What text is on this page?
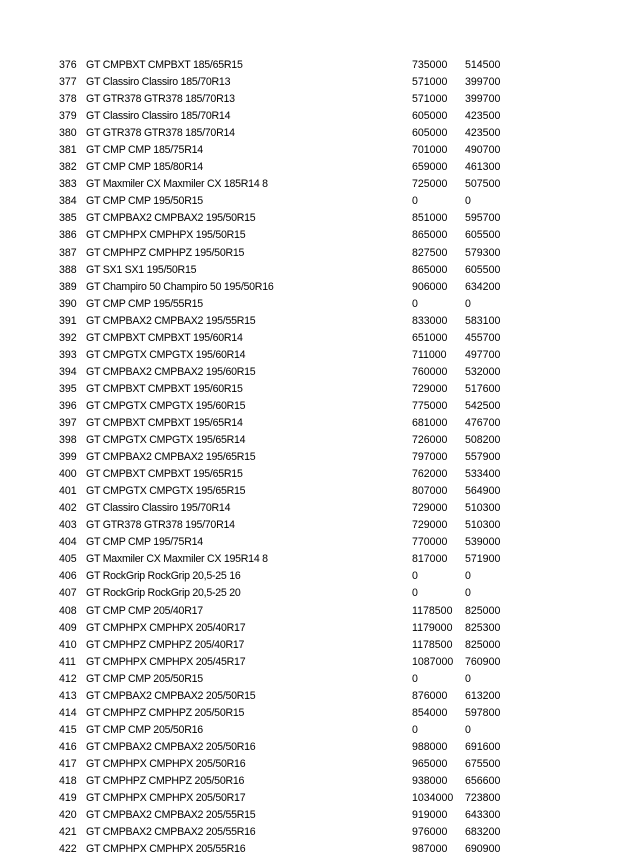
376 GT CMPBXT CMPBXT 185/65R15	735000 514500
377 GT Classiro Classiro 185/70R13	571000 399700
378 GT GTR378 GTR378 185/70R13	571000 399700
379 GT Classiro Classiro 185/70R14	605000 423500
380 GT GTR378 GTR378 185/70R14	605000 423500
381 GT CMP CMP 185/75R14	701000 490700
382 GT CMP CMP 185/80R14	659000 461300
383 GT Maxmiler CX Maxmiler CX 185R14 8	725000 507500
384 GT CMP CMP 195/50R15	0	0
385 GT CMPBAX2 CMPBAX2 195/50R15	851000 595700
386 GT CMPHPX CMPHPX 195/50R15	865000 605500
387 GT CMPHPZ CMPHPZ 195/50R15	827500 579300
388 GT SX1 SX1 195/50R15	865000 605500
389 GT Champiro 50 Champiro 50 195/50R16	906000 634200
390 GT CMP CMP 195/55R15	0	0
391 GT CMPBAX2 CMPBAX2 195/55R15	833000 583100
392 GT CMPBXT CMPBXT 195/60R14	651000 455700
393 GT CMPGTX CMPGTX 195/60R14	711000 497700
394 GT CMPBAX2 CMPBAX2 195/60R15	760000 532000
395 GT CMPBXT CMPBXT 195/60R15	729000 517600
396 GT CMPGTX CMPGTX 195/60R15	775000 542500
397 GT CMPBXT CMPBXT 195/65R14	681000 476700
398 GT CMPGTX CMPGTX 195/65R14	726000 508200
399 GT CMPBAX2 CMPBAX2 195/65R15	797000 557900
400 GT CMPBXT CMPBXT 195/65R15	762000 533400
401 GT CMPGTX CMPGTX 195/65R15	807000 564900
402 GT Classiro Classiro 195/70R14	729000 510300
403 GT GTR378 GTR378 195/70R14	729000 510300
404 GT CMP CMP 195/75R14	770000 539000
405 GT Maxmiler CX Maxmiler CX 195R14 8	817000 571900
406 GT RockGrip RockGrip 20,5-25 16	0	0
407 GT RockGrip RockGrip 20,5-25 20	0	0
408 GT CMP CMP 205/40R17	1178500 825000
409 GT CMPHPX CMPHPX 205/40R17	1179000 825300
410 GT CMPHPZ CMPHPZ 205/40R17	1178500 825000
411 GT CMPHPX CMPHPX 205/45R17	1087000 760900
412 GT CMP CMP 205/50R15	0	0
413 GT CMPBAX2 CMPBAX2 205/50R15	876000 613200
414 GT CMPHPZ CMPHPZ 205/50R15	854000 597800
415 GT CMP CMP 205/50R16	0	0
416 GT CMPBAX2 CMPBAX2 205/50R16	988000 691600
417 GT CMPHPX CMPHPX 205/50R16	965000 675500
418 GT CMPHPZ CMPHPZ 205/50R16	938000 656600
419 GT CMPHPX CMPHPX 205/50R17	1034000 723800
420 GT CMPBAX2 CMPBAX2 205/55R15	919000 643300
421 GT CMPBAX2 CMPBAX2 205/55R16	976000 683200
422 GT CMPHPX CMPHPX 205/55R16	987000 690900
